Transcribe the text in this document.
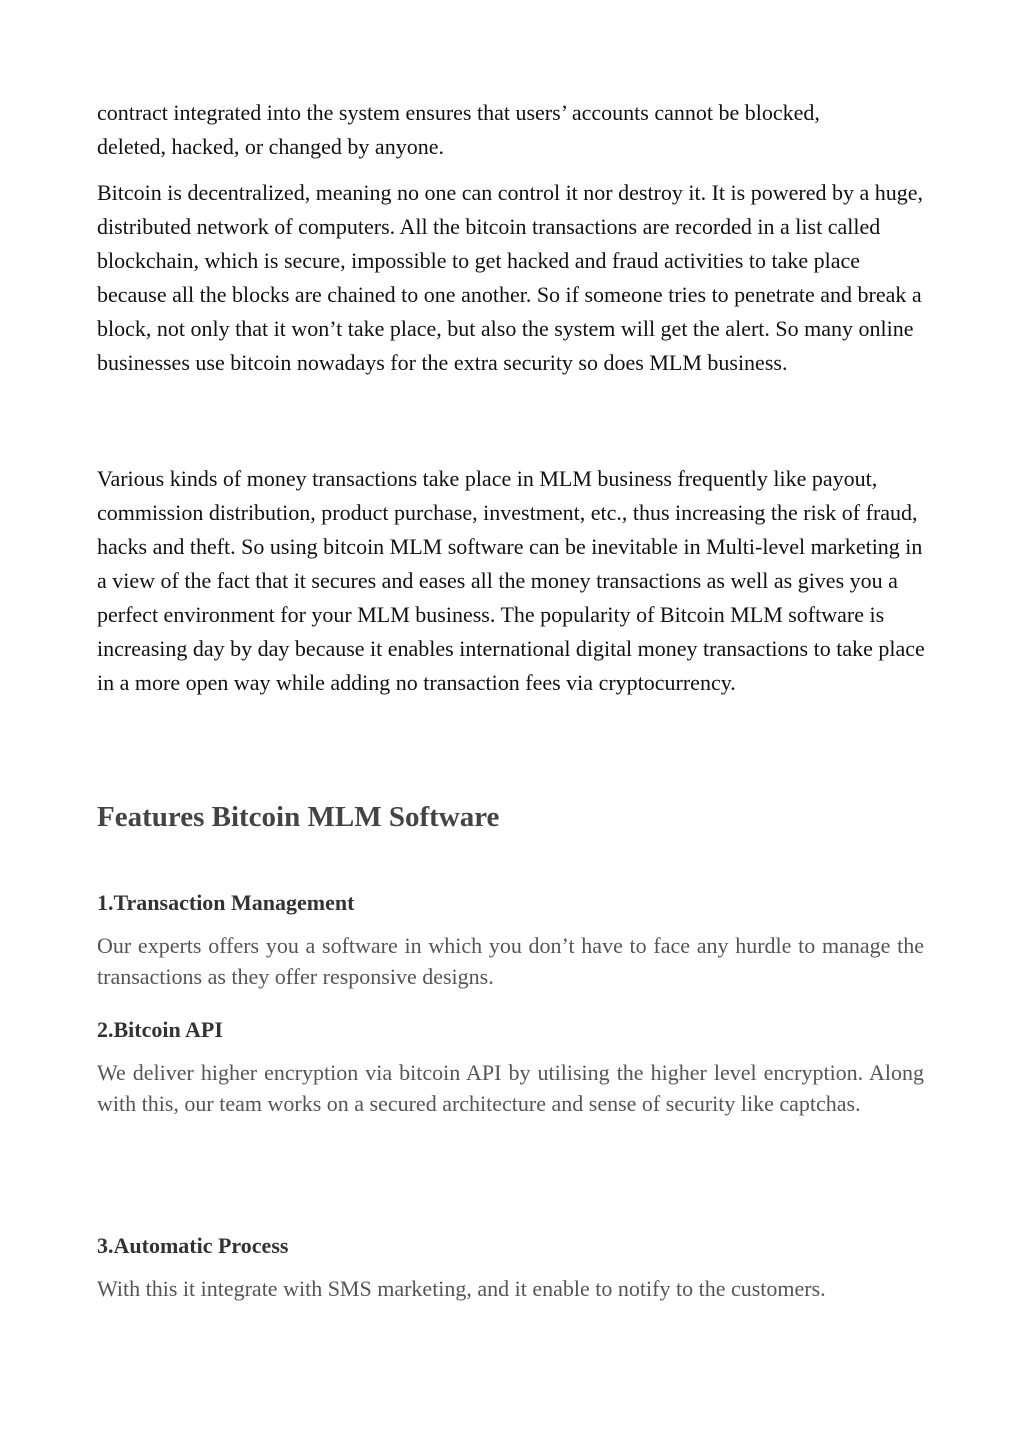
contract integrated into the system ensures that users’ accounts cannot be blocked, deleted, hacked, or changed by anyone.

Bitcoin is decentralized, meaning no one can control it nor destroy it. It is powered by a huge, distributed network of computers. All the bitcoin transactions are recorded in a list called blockchain, which is secure, impossible to get hacked and fraud activities to take place because all the blocks are chained to one another. So if someone tries to penetrate and break a block, not only that it won’t take place, but also the system will get the alert. So many online businesses use bitcoin nowadays for the extra security so does MLM business.

Various kinds of money transactions take place in MLM business frequently like payout, commission distribution, product purchase, investment, etc., thus increasing the risk of fraud, hacks and theft. So using bitcoin MLM software can be inevitable in Multi-level marketing in a view of the fact that it secures and eases all the money transactions as well as gives you a perfect environment for your MLM business. The popularity of Bitcoin MLM software is increasing day by day because it enables international digital money transactions to take place in a more open way while adding no transaction fees via cryptocurrency.

Features Bitcoin MLM Software
1.Transaction Management

Our experts offers you a software in which you don’t have to face any hurdle to manage the transactions as they offer responsive designs.

2.Bitcoin API

We deliver higher encryption via bitcoin API by utilising the higher level encryption. Along with this, our team works on a secured architecture and sense of security like captchas.

3.Automatic Process

With this it integrate with SMS marketing, and it enable to notify to the customers.
